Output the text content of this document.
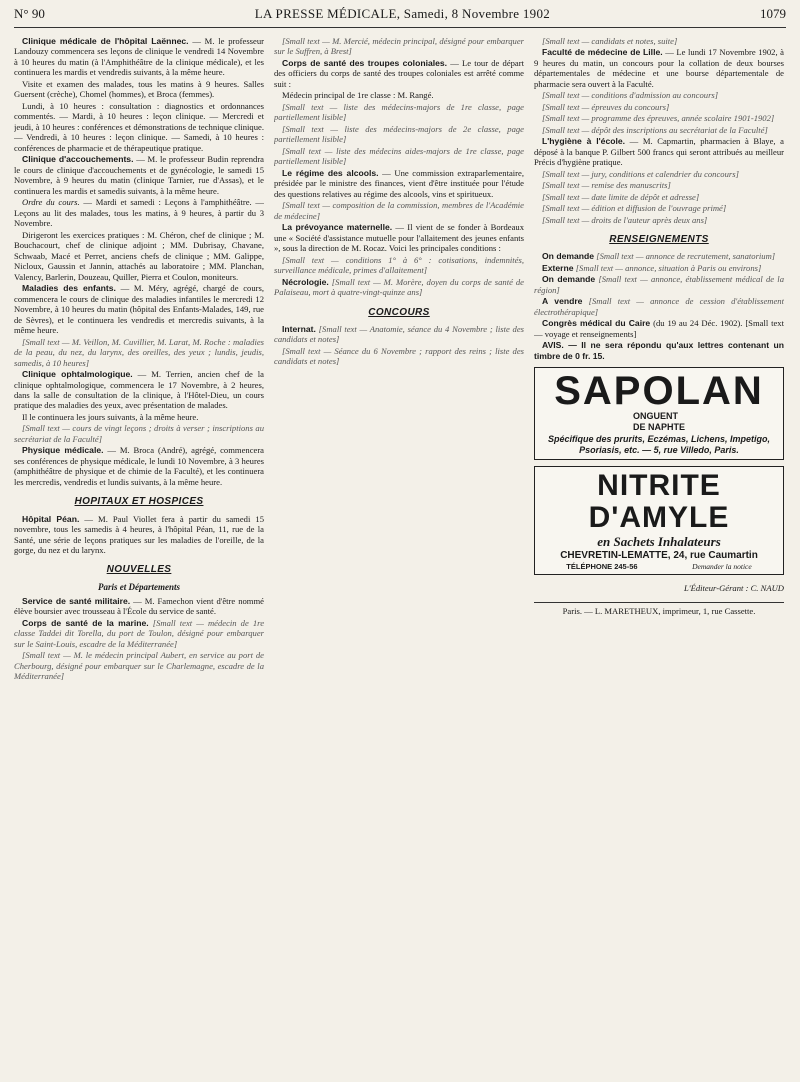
N° 90	LA PRESSE MÉDICALE, Samedi, 8 Novembre 1902	1079

Clinique médicale de l'hôpital Laënnec. — M. le professeur Landouzy commencera ses leçons de clinique le vendredi 14 Novembre à 10 heures du matin (à l'Amphithéâtre de la clinique médicale), et les continuera les mardis et vendredis suivants, à la même heure.

Visite et examen des malades, tous les matins à 9 heures. Salles Guersent (crèche), Chomel (hommes), et Broca (femmes).

Lundi, à 10 heures : consultation : diagnostics et ordonnances commentés. — Mardi, à 10 heures : leçon clinique. — Mercredi et jeudi, à 10 heures : conférences et démonstrations de technique clinique. — Vendredi, à 10 heures : leçon clinique. — Samedi, à 10 heures : conférences de pharmacie et de thérapeutique pratique.

Clinique d'accouchements. — M. le professeur Budin reprendra le cours de clinique d'accouchements et de gynécologie, le samedi 15 Novembre, à 9 heures du matin (clinique Tarnier, rue d'Assas), et le continuera les mardis et samedis suivants, à la même heure.

Ordre du cours. — Mardi et samedi : Leçons à l'amphithéâtre. — Leçons au lit des malades, tous les matins, à 9 heures, à partir du 3 Novembre.

Dirigeront les exercices pratiques : M. Chéron, chef de clinique ; M. Bouchacourt, chef de clinique adjoint ; MM. Dubrisay, Chavane, Schwaab, Macé et Perret, anciens chefs de clinique ; MM. Galippe, Nicloux, Gaussin et Jannin, attachés au laboratoire ; MM. Planchan, Valency, Barlerin, Douzeau, Quiller, Pierra et Coulon, moniteurs.

Maladies des enfants. — M. Méry, agrégé, chargé de cours, commencera le cours de clinique des maladies infantiles le mercredi 12 Novembre, à 10 heures du matin (hôpital des Enfants-Malades, 149, rue de Sèvres), et le continuera les vendredis et mercredis suivants, à la même heure.

[Small text — M. Veillon, M. Cuvillier, M. Larat, M. Roche : maladies de la peau, du nez, du larynx, des oreilles, des yeux ; lundis, jeudis, samedis, à 10 heures]

Clinique ophtalmologique. — M. Terrien, ancien chef de la clinique ophtalmologique, commencera le 17 Novembre, à 2 heures, dans la salle de consultation de la clinique, à l'Hôtel-Dieu, un cours pratique des maladies des yeux, avec présentation de malades.

Il le continuera les jours suivants, à la même heure.

[Small text — cours de vingt leçons ; droits à verser ; inscriptions au secrétariat de la Faculté]

Physique médicale. — M. Broca (André), agrégé, commencera ses conférences de physique médicale, le lundi 10 Novembre, à 3 heures (amphithéâtre de physique et de chimie de la Faculté), et les continuera les mercredis, vendredis et lundis suivants, à la même heure.

HOPITAUX ET HOSPICES

Hôpital Péan. — M. Paul Viollet fera à partir du samedi 15 novembre, tous les samedis à 4 heures, à l'hôpital Péan, 11, rue de la Santé, une série de leçons pratiques sur les maladies de l'oreille, de la gorge, du nez et du larynx.

NOUVELLES
Paris et Départements

Service de santé militaire. — M. Famechon vient d'être nommé élève boursier avec trousseau à l'École du service de santé.

Corps de santé de la marine. [Small text — médecin de 1re classe Taddei dit Torella, du port de Toulon, désigné pour embarquer sur le Saint-Louis, escadre de la Méditerranée]

[Small text — M. le médecin principal Aubert, en service au port de Cherbourg, désigné pour embarquer sur le Charlemagne, escadre de la Méditerranée]

[Small text — M. Mercié, médecin principal, désigné pour embarquer sur le Suffren, à Brest]

Corps de santé des troupes coloniales. — Le tour de départ des officiers du corps de santé des troupes coloniales est arrêté comme suit :

Médecin principal de 1re classe : M. Rangé.

[Small text — liste des médecins-majors de 1re classe, page partiellement lisible]

[Small text — liste des médecins-majors de 2e classe, page partiellement lisible]

[Small text — liste des médecins aides-majors de 1re classe, page partiellement lisible]

Le régime des alcools. — Une commission extraparlementaire, présidée par le ministre des finances, vient d'être instituée pour l'étude des questions relatives au régime des alcools, vins et spiritueux.

[Small text — composition de la commission, membres de l'Académie de médecine]

La prévoyance maternelle. — Il vient de se fonder à Bordeaux une « Société d'assistance mutuelle pour l'allaitement des jeunes enfants », sous la direction de M. Rocaz. Voici les principales conditions :

[Small text — conditions 1° à 6° : cotisations, indemnités, surveillance médicale, primes d'allaitement]

Nécrologie. [Small text — M. Morère, doyen du corps de santé de Palaiseau, mort à quatre-vingt-quinze ans]

CONCOURS

Internat. [Small text — Anatomie, séance du 4 Novembre ; liste des candidats et notes]

[Small text — Séance du 6 Novembre ; rapport des reins ; liste des candidats et notes]

[Small text — candidats et notes, suite]

Faculté de médecine de Lille. — Le lundi 17 Novembre 1902, à 9 heures du matin, un concours pour la collation de deux bourses départementales de médecine et une bourse départementale de pharmacie sera ouvert à la Faculté.

[Small text — conditions d'admission au concours]

[Small text — épreuves du concours]

[Small text — programme des épreuves, année scolaire 1901-1902]

[Small text — dépôt des inscriptions au secrétariat de la Faculté]

L'hygiène à l'école. — M. Capmartin, pharmacien à Blaye, a déposé à la banque P. Gilbert 500 francs qui seront attribués au meilleur Précis d'hygiène pratique.

[Small text — jury, conditions et calendrier du concours]

[Small text — remise des manuscrits]

[Small text — date limite de dépôt et adresse]

[Small text — édition et diffusion de l'ouvrage primé]

[Small text — droits de l'auteur après deux ans]

RENSEIGNEMENTS

On demande [Small text — annonce de recrutement, sanatorium]

Externe [Small text — annonce, situation à Paris ou environs]

On demande [Small text — annonce, établissement médical de la région]

A vendre [Small text — annonce de cession d'établissement électrothérapique]

Congrès médical du Caire (du 19 au 24 Déc. 1902). [Small text — voyage et renseignements]

AVIS. — Il ne sera répondu qu'aux lettres contenant un timbre de 0 fr. 15.

SAPOLAN ONGUENT
DE NAPHTE
Spécifique des prurits, Eczémas, Lichens, Impetigo, Psoriasis, etc. — 5, rue Villedo, Paris.
NITRITE D'AMYLE
en Sachets Inhalateurs
CHEVRETIN-LEMATTE, 24, rue Caumartin
TÉLÉPHONE 245-56	Demander la notice
L'Éditeur-Gérant : C. NAUD
Paris. — L. MARETHEUX, imprimeur, 1, rue Cassette.
